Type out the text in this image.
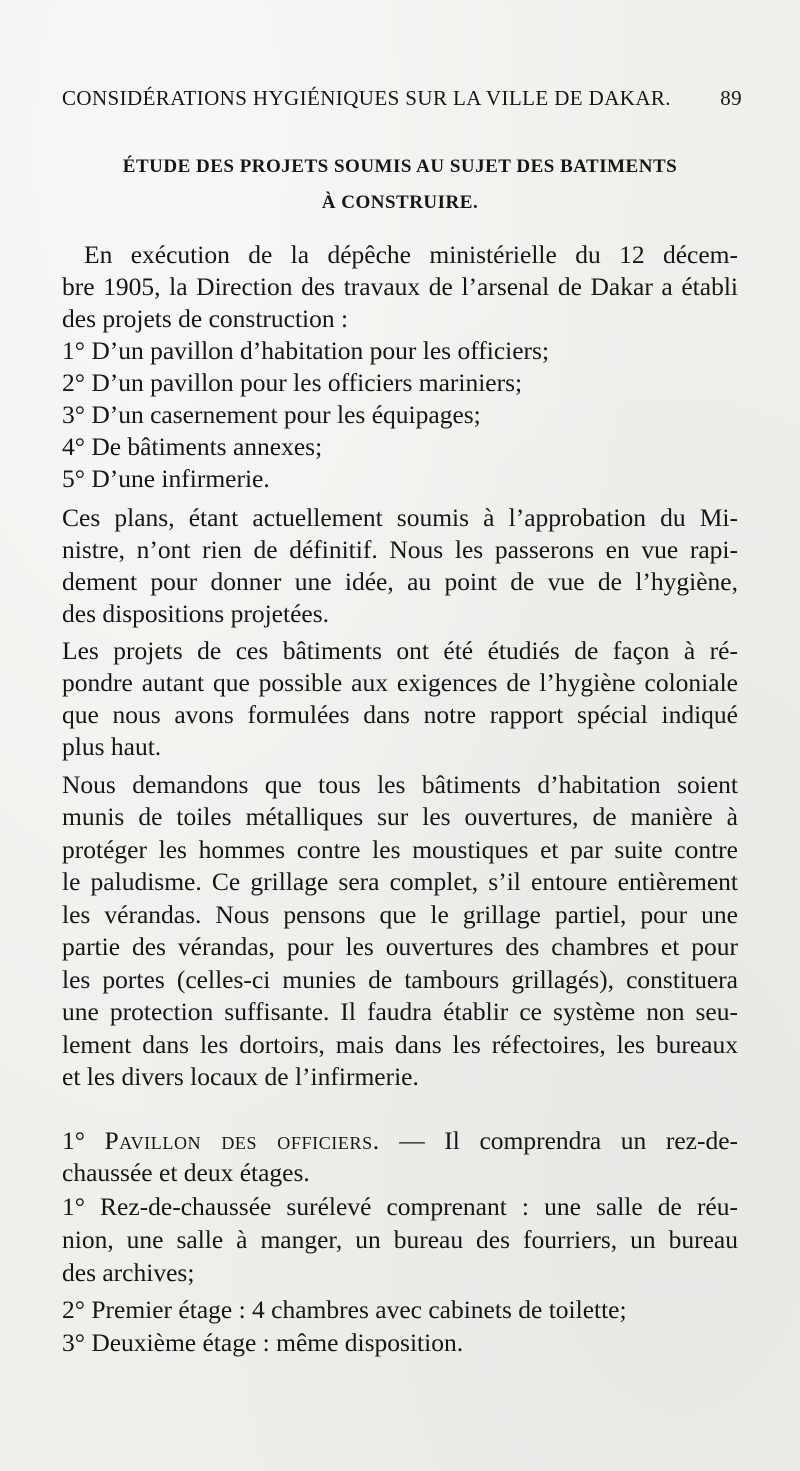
CONSIDÉRATIONS HYGIÉNIQUES SUR LA VILLE DE DAKAR. 89
ÉTUDE DES PROJETS SOUMIS AU SUJET DES BATIMENTS
À CONSTRUIRE.
En exécution de la dépêche ministérielle du 12 décem-
bre 1905, la Direction des travaux de l’arsenal de Dakar a établi
des projets de construction :
1° D’un pavillon d’habitation pour les officiers;
2° D’un pavillon pour les officiers mariniers;
3° D’un casernement pour les équipages;
4° De bâtiments annexes;
5° D’une infirmerie.
Ces plans, étant actuellement soumis à l’approbation du Mi-
nistre, n’ont rien de définitif. Nous les passerons en vue rapi-
dement pour donner une idée, au point de vue de l’hygiène,
des dispositions projetées.
Les projets de ces bâtiments ont été étudiés de façon à ré-
pondre autant que possible aux exigences de l’hygiène coloniale
que nous avons formulées dans notre rapport spécial indiqué
plus haut.
Nous demandons que tous les bâtiments d’habitation soient
munis de toiles métalliques sur les ouvertures, de manière à
protéger les hommes contre les moustiques et par suite contre
le paludisme. Ce grillage sera complet, s’il entoure entièrement
les vérandas. Nous pensons que le grillage partiel, pour une
partie des vérandas, pour les ouvertures des chambres et pour
les portes (celles-ci munies de tambours grillagés), constituera
une protection suffisante. Il faudra établir ce système non seu-
lement dans les dortoirs, mais dans les réfectoires, les bureaux
et les divers locaux de l’infirmerie.
1° Pavillon des officiers. — Il comprendra un rez-de-
chaussée et deux étages.
1° Rez-de-chaussée surélevé comprenant : une salle de réu-
nion, une salle à manger, un bureau des fourriers, un bureau
des archives;
2° Premier étage : 4 chambres avec cabinets de toilette;
3° Deuxième étage : même disposition.
